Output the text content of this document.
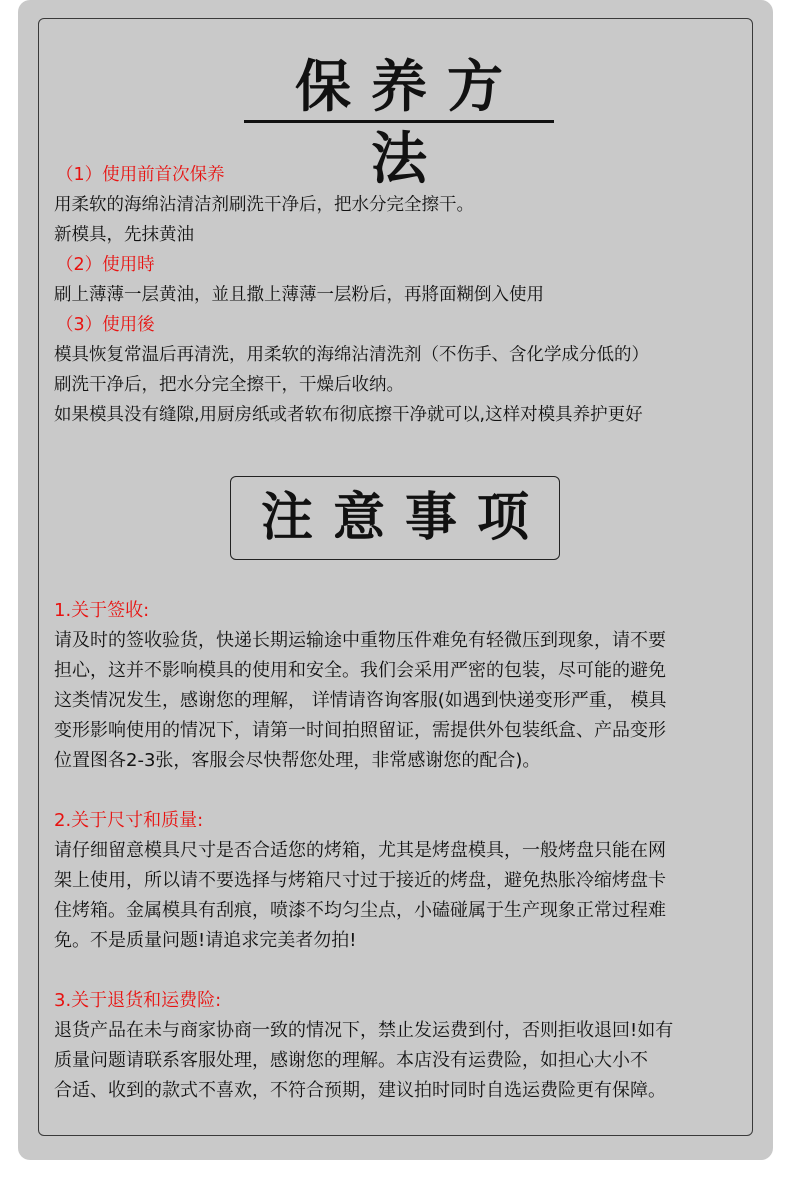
保养方法
（1）使用前首次保养
用柔软的海绵沾清洁剂刷洗干净后，把水分完全擦干。
新模具，先抹黄油
（2）使用時
刷上薄薄一层黄油，並且撒上薄薄一层粉后，再將面糊倒入使用
（3）使用後
模具恢复常温后再清洗，用柔软的海绵沾清洗剂（不伤手、含化学成分低的）
刷洗干净后，把水分完全擦干，干燥后收纳。
如果模具没有缝隙,用厨房纸或者软布彻底擦干净就可以,这样对模具养护更好
注意事项
1.关于签收:
请及时的签收验货，快递长期运输途中重物压件难免有轻微压到现象，请不要
担心，这并不影响模具的使用和安全。我们会采用严密的包装，尽可能的避免
这类情况发生，感谢您的理解， 详情请咨询客服(如遇到快递变形严重， 模具
变形影响使用的情况下，请第一时间拍照留证，需提供外包装纸盒、产品变形
位置图各2-3张，客服会尽快帮您处理，非常感谢您的配合)。
2.关于尺寸和质量:
请仔细留意模具尺寸是否合适您的烤箱，尤其是烤盘模具，一般烤盘只能在网
架上使用，所以请不要选择与烤箱尺寸过于接近的烤盘，避免热胀冷缩烤盘卡
住烤箱。金属模具有刮痕，喷漆不均匀尘点，小磕碰属于生产现象正常过程难
免。不是质量问题!请追求完美者勿拍!
3.关于退货和运费险:
退货产品在未与商家协商一致的情况下，禁止发运费到付，否则拒收退回!如有
质量问题请联系客服处理，感谢您的理解。本店没有运费险，如担心大小不
合适、收到的款式不喜欢，不符合预期，建议拍时同时自选运费险更有保障。
